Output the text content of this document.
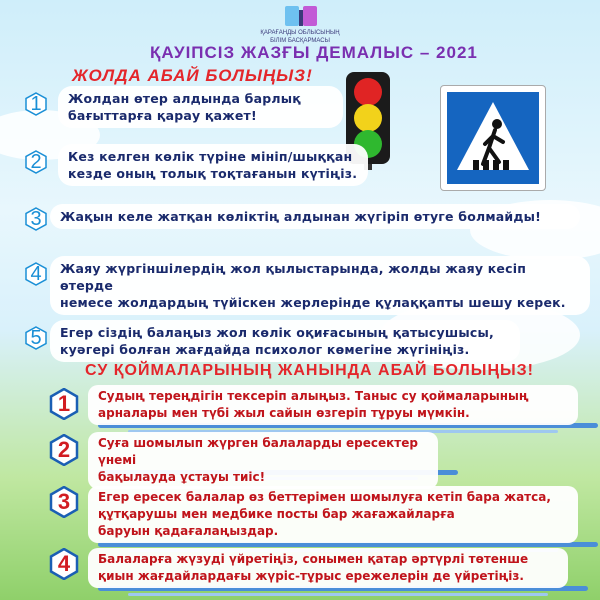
ҚАРАҒАНДЫ ОБЛЫСЫНЫҢ
БІЛІМ БАСҚАРМАСЫ
ҚАУІПСІЗ ЖАЗҒЫ ДЕМАЛЫС – 2021
ЖОЛДА АБАЙ БОЛЫҢЫЗ!
1 Жолдан өтер алдында барлық
бағыттарға қарау қажет!
2 Кез келген көлік түріне мініп/шыққан
кезде оның толық тоқтағанын күтіңіз.
3 Жақын келе жатқан көліктің алдынан жүгіріп өтуге болмайды!
4 Жаяу жүргіншілердің жол қылыстарында, жолды жаяу кесіп өтерде
немесе жолдардың түйіскен жерлерінде құлаққапты шешу керек.
5 Егер сіздің балаңыз жол көлік оқиғасының қатысушысы,
куәгері болған жағдайда психолог көмегіне жүгініңіз.
СУ ҚОЙМАЛАРЫНЫҢ ЖАНЫНДА АБАЙ БОЛЫҢЫЗ!
Судың тереңдігін тексеріп алыңыз. Таныс су қоймаларының
арналары мен түбі жыл сайын өзгеріп тұруы мүмкін.
1
Суға шомылып жүрген балаларды ересектер үнемі
бақылауда ұстауы тиіс!
2
Егер ересек балалар өз беттерімен шомылуға кетіп бара жатса,
құтқарушы мен медбике посты бар жағажайларға
баруын қадағалаңыздар.
3
Балаларға жүзуді үйретіңіз, сонымен қатар әртүрлі төтенше
қиын жағдайлардағы жүріс-тұрыс ережелерін де үйретіңіз.
4
